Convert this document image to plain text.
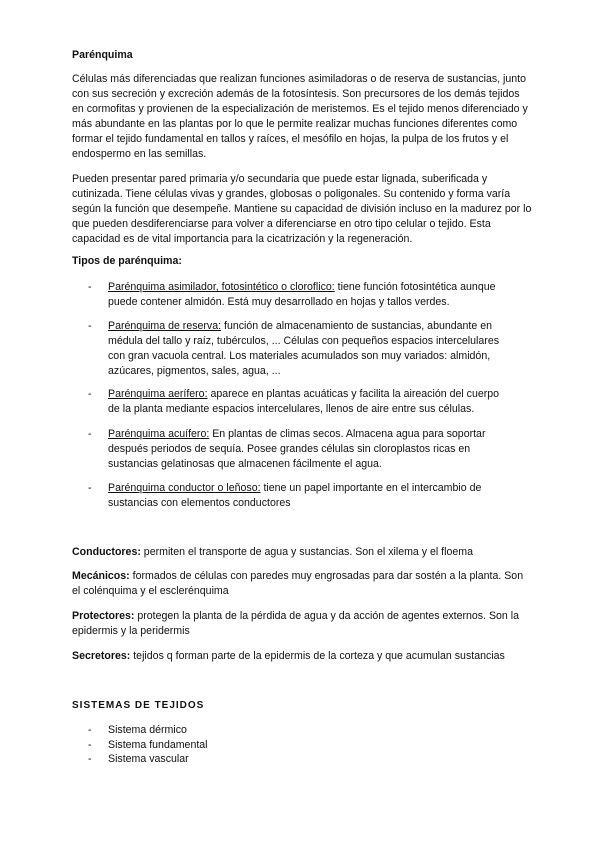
Parénquima

Células más diferenciadas que realizan funciones asimiladoras o de reserva de sustancias, junto con sus secreción y excreción además de la fotosíntesis. Son precursores de los demás tejidos en cormofitas y provienen de la especialización de meristemos. Es el tejido menos diferenciado y más abundante en las plantas por lo que le permite realizar muchas funciones diferentes como formar el tejido fundamental en tallos y raíces, el mesófilo en hojas, la pulpa de los frutos y el endospermo en las semillas.

Pueden presentar pared primaria y/o secundaria que puede estar lignada, suberificada y cutinizada. Tiene células vivas y grandes, globosas o poligonales. Su contenido y forma varía según la función que desempeñe. Mantiene su capacidad de división incluso en la madurez por lo que pueden desdiferenciarse para volver a diferenciarse en otro tipo celular o tejido. Esta capacidad es de vital importancia para la cicatrización y la regeneración.

Tipos de parénquima:
- Parénquima asimilador, fotosintético o cloroflico: tiene función fotosintética aunque puede contener almidón. Está muy desarrollado en hojas y tallos verdes.
- Parénquima de reserva: función de almacenamiento de sustancias, abundante en médula del tallo y raíz, tubérculos, ... Células con pequeños espacios intercelulares con gran vacuola central. Los materiales acumulados son muy variados: almidón, azúcares, pigmentos, sales, agua, ...
- Parénquima aerífero: aparece en plantas acuáticas y facilita la aireación del cuerpo de la planta mediante espacios intercelulares, llenos de aire entre sus células.
- Parénquima acuífero: En plantas de climas secos. Almacena agua para soportar después periodos de sequía. Posee grandes células sin cloroplastos ricas en sustancias gelatinosas que almacenen fácilmente el agua.
- Parénquima conductor o leñoso: tiene un papel importante en el intercambio de sustancias con elementos conductores

Conductores: permiten el transporte de agua y sustancias. Son el xilema y el floema

Mecánicos: formados de células con paredes muy engrosadas para dar sostén a la planta. Son el colénquima y el esclerénquima

Protectores: protegen la planta de la pérdida de agua y da acción de agentes externos. Son la epidermis y la peridermis

Secretores: tejidos q forman parte de la epidermis de la corteza y que acumulan sustancias

SISTEMAS DE TEJIDOS
- Sistema dérmico
- Sistema fundamental
- Sistema vascular
